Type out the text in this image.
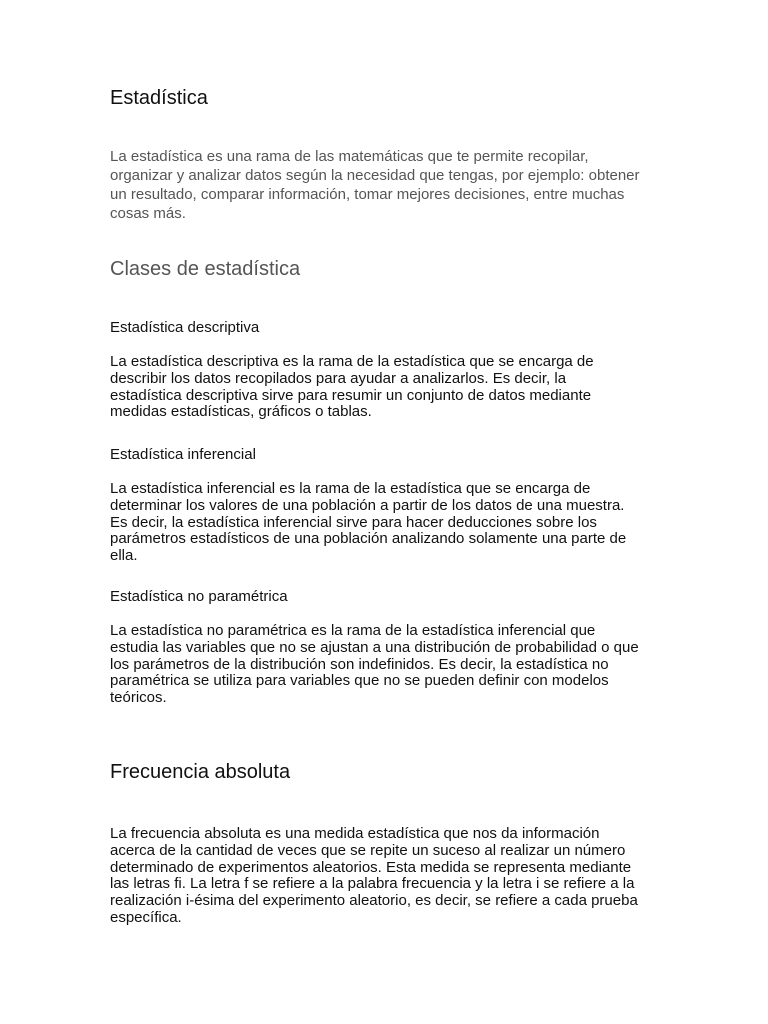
Estadística
La estadística es una rama de las matemáticas que te permite recopilar,
organizar y analizar datos según la necesidad que tengas, por ejemplo: obtener
un resultado, comparar información, tomar mejores decisiones, entre muchas
cosas más.
Clases de estadística
Estadística descriptiva
La estadística descriptiva es la rama de la estadística que se encarga de
describir los datos recopilados para ayudar a analizarlos. Es decir, la
estadística descriptiva sirve para resumir un conjunto de datos mediante
medidas estadísticas, gráficos o tablas.
Estadística inferencial
La estadística inferencial es la rama de la estadística que se encarga de
determinar los valores de una población a partir de los datos de una muestra.
Es decir, la estadística inferencial sirve para hacer deducciones sobre los
parámetros estadísticos de una población analizando solamente una parte de
ella.
Estadística no paramétrica
La estadística no paramétrica es la rama de la estadística inferencial que
estudia las variables que no se ajustan a una distribución de probabilidad o que
los parámetros de la distribución son indefinidos. Es decir, la estadística no
paramétrica se utiliza para variables que no se pueden definir con modelos
teóricos.
Frecuencia absoluta
La frecuencia absoluta es una medida estadística que nos da información
acerca de la cantidad de veces que se repite un suceso al realizar un número
determinado de experimentos aleatorios. Esta medida se representa mediante
las letras fi. La letra f se refiere a la palabra frecuencia y la letra i se refiere a la
realización i-ésima del experimento aleatorio, es decir, se refiere a cada prueba
específica.
